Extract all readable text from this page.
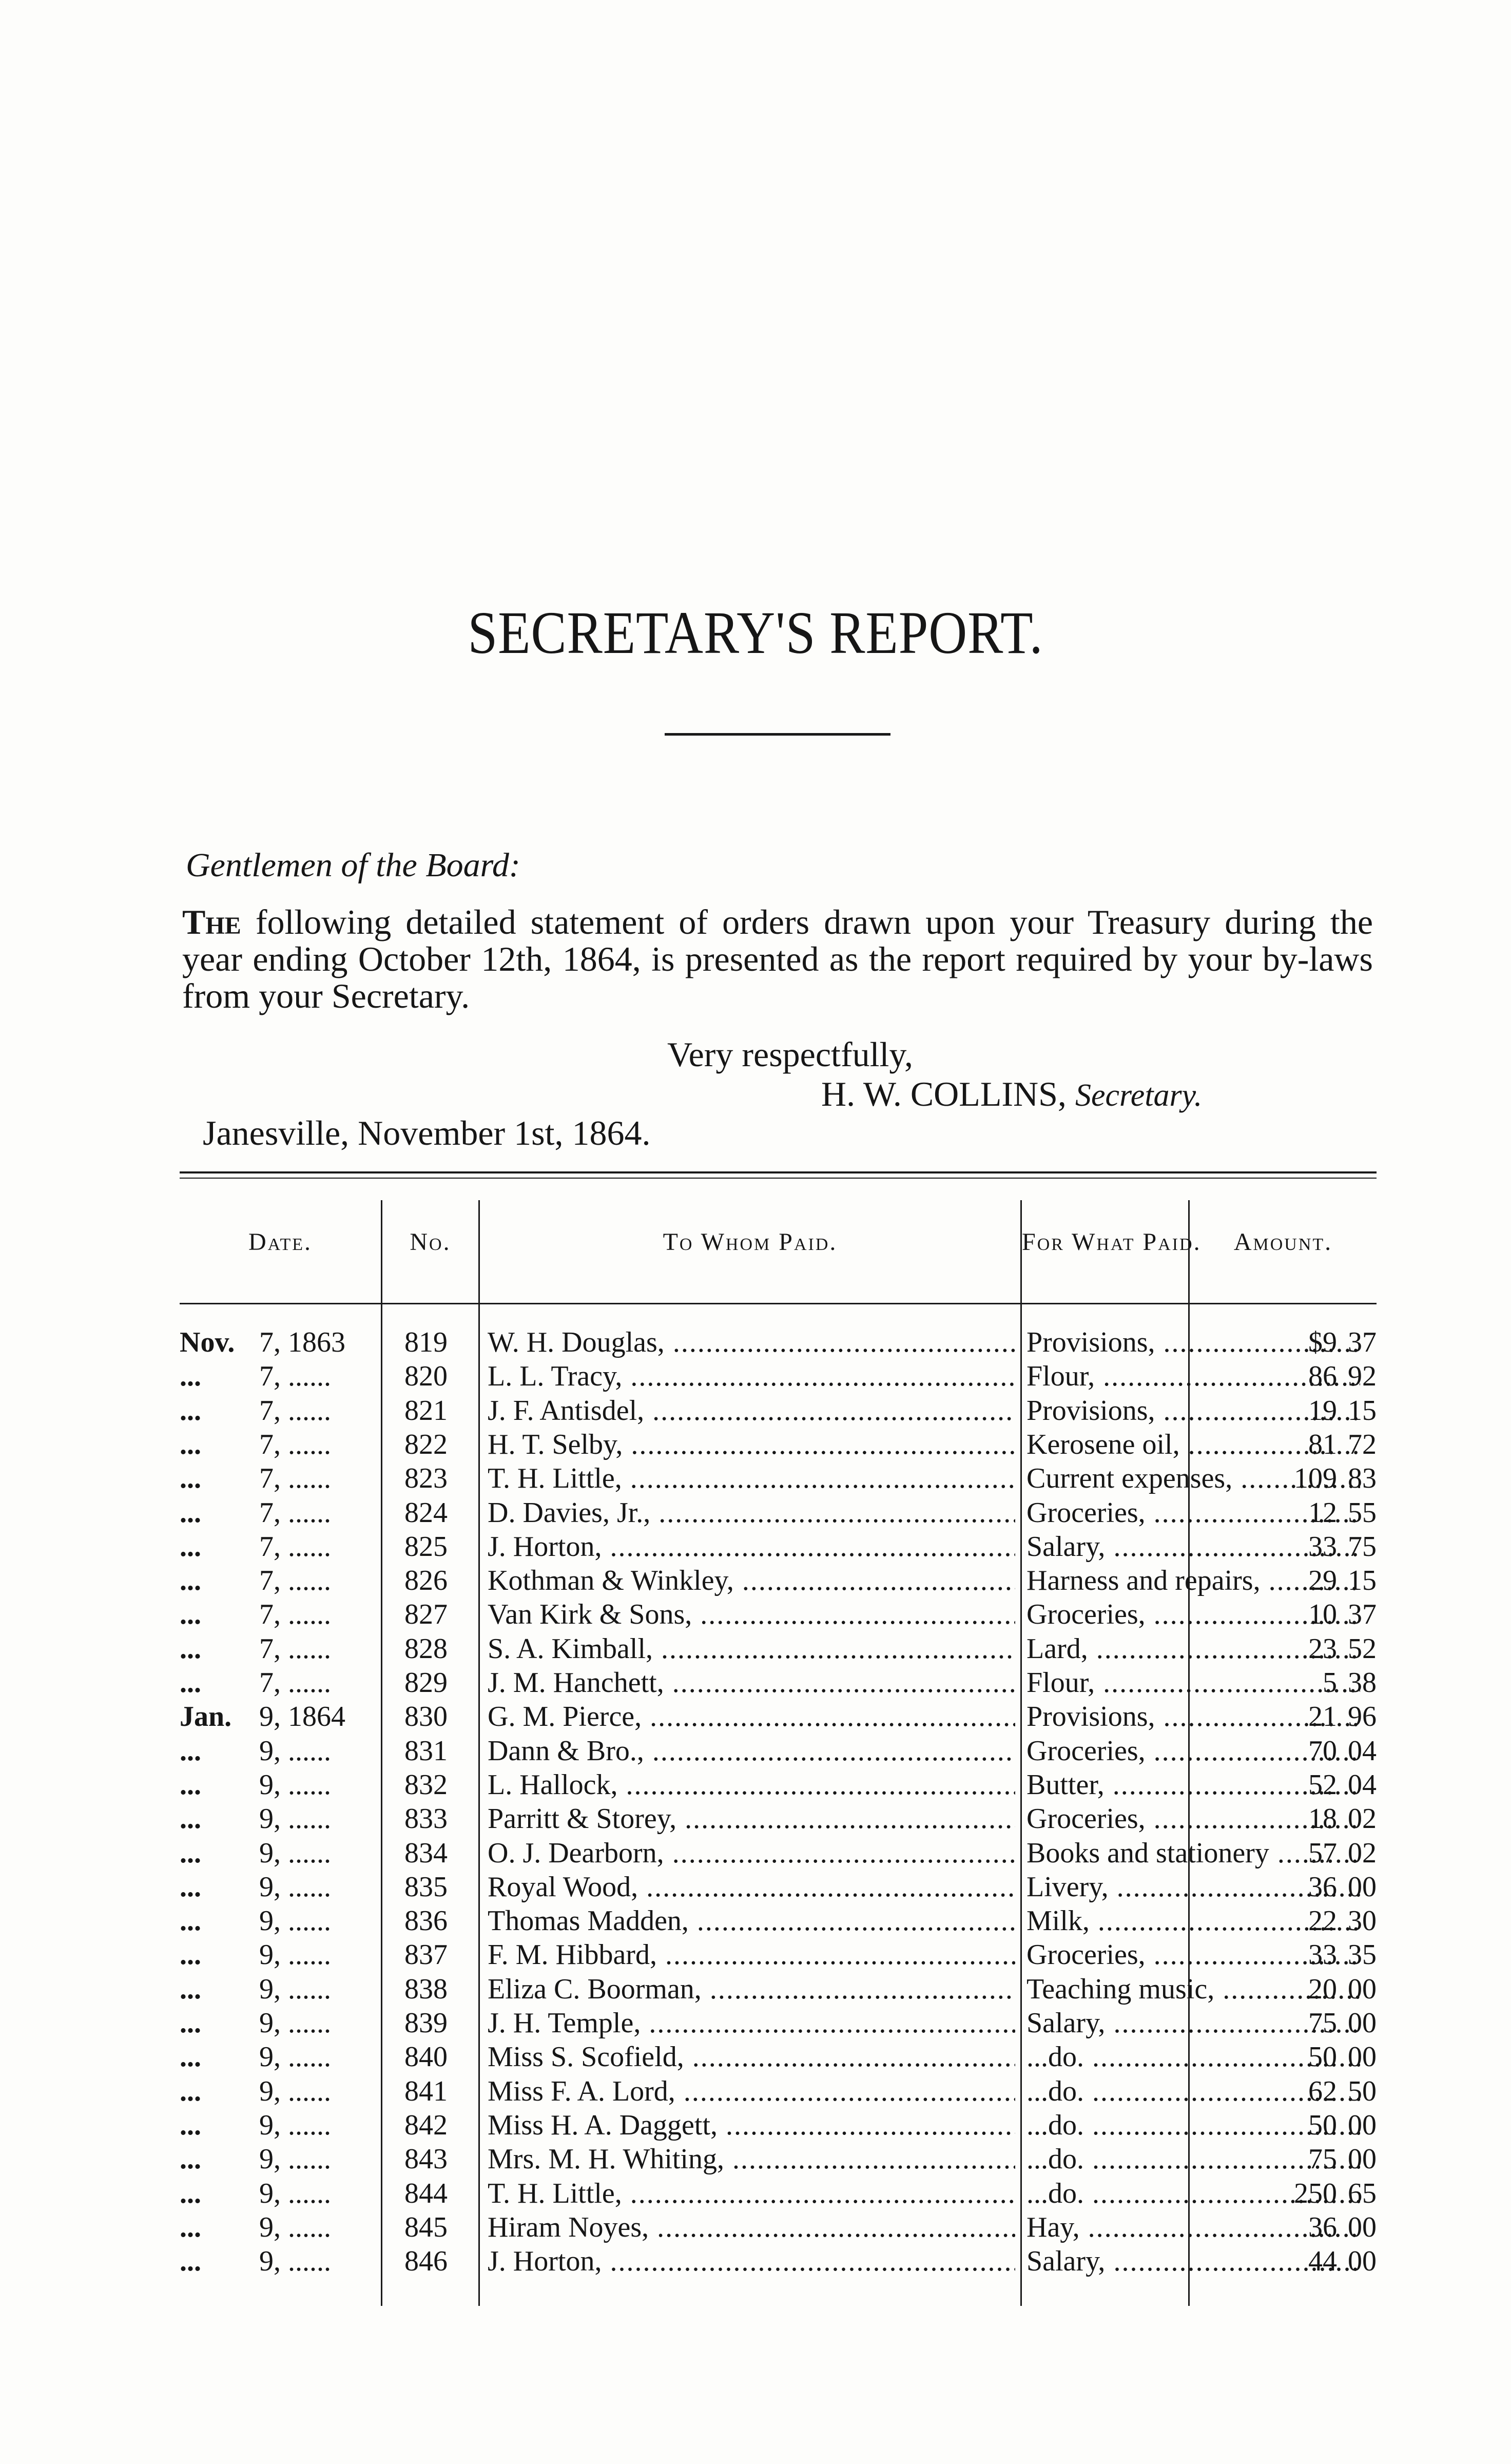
SECRETARY'S REPORT.
Gentlemen of the Board:

The following detailed statement of orders drawn upon your Treasury during the year ending October 12th, 1864, is presented as the report required by your by-laws from your Secretary.

Very respectfully,
H. W. COLLINS, Secretary.
Janesville, November 1st, 1864.
Date.	No.	To Whom Paid.	For What Paid.	Amount.
Nov. 7, 1863	819	W. H. Douglas, .....	Provisions, .....	$9 37
...	7, ......	820	L. L. Tracy, .....	Flour, .....	86 92
...	7, ......	821	J. F. Antisdel, .....	Provisions, .....	19 15
...	7, ......	822	H. T. Selby, .....	Kerosene oil, .....	81 72
...	7, ......	823	T. H. Little, .....	Current expenses, .....	109 83
...	7, ......	824	D. Davies, Jr., .....	Groceries, .....	12 55
...	7, ......	825	J. Horton, .....	Salary, .....	33 75
...	7, ......	826	Kothman & Winkley, .....	Harness and repairs, .....	29 15
...	7, ......	827	Van Kirk & Sons, .....	Groceries, .....	10 37
...	7, ......	828	S. A. Kimball, .....	Lard, .....	23 52
...	7, ......	829	J. M. Hanchett, .....	Flour, .....	5 38
Jan. 9, 1864	830	G. M. Pierce, .....	Provisions, .....	21 96
...	9, ......	831	Dann & Bro., .....	Groceries, .....	70 04
...	9, ......	832	L. Hallock, .....	Butter, .....	52 04
...	9, ......	833	Parritt & Storey, .....	Groceries, .....	18 02
...	9, ......	834	O. J. Dearborn, .....	Books and stationery .....	57 02
...	9, ......	835	Royal Wood, .....	Livery, .....	36 00
...	9, ......	836	Thomas Madden, .....	Milk, .....	22 30
...	9, ......	837	F. M. Hibbard, .....	Groceries, .....	33 35
...	9, ......	838	Eliza C. Boorman, .....	Teaching music, .....	20 00
...	9, ......	839	J. H. Temple, .....	Salary, .....	75 00
...	9, ......	840	Miss S. Scofield, .....	...do. .....	50 00
...	9, ......	841	Miss F. A. Lord, .....	...do. .....	62 50
...	9, ......	842	Miss H. A. Daggett, .....	...do. .....	50 00
...	9, ......	843	Mrs. M. H. Whiting, .....	...do. .....	75 00
...	9, ......	844	T. H. Little, .....	...do. .....	250 65
...	9, ......	845	Hiram Noyes, .....	Hay, .....	36 00
...	9, ......	846	J. Horton, .....	Salary, .....	44 00
